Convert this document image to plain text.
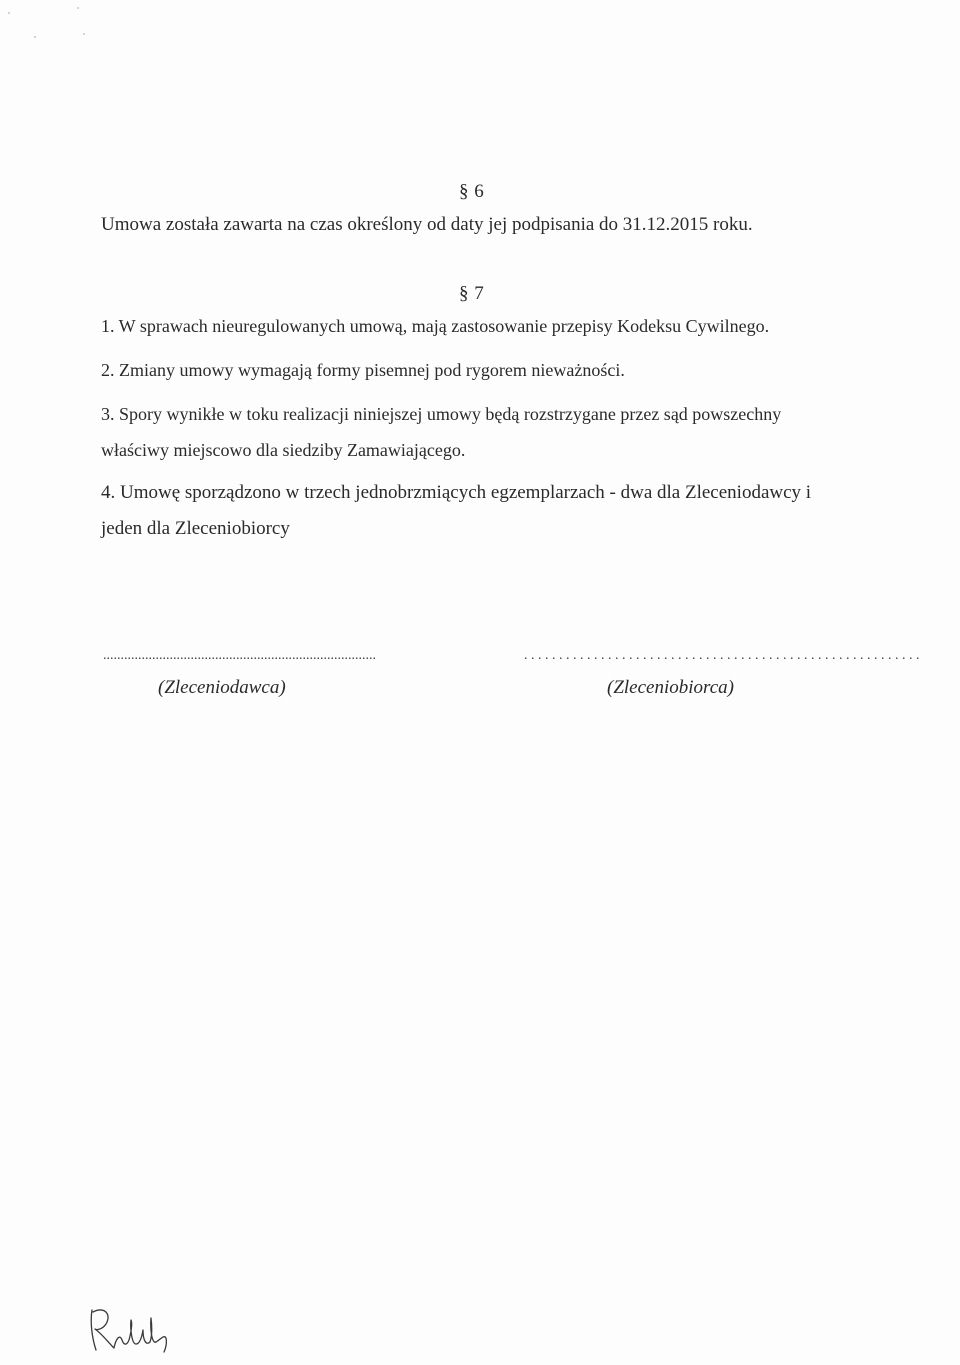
§ 6
Umowa została zawarta na czas określony od daty jej podpisania do 31.12.2015 roku.
§ 7
1. W sprawach nieuregulowanych umową, mają zastosowanie przepisy Kodeksu Cywilnego.
2. Zmiany umowy wymagają formy pisemnej pod rygorem nieważności.
3. Spory wynikłe w toku realizacji niniejszej umowy będą rozstrzygane przez sąd powszechny
właściwy miejscowo dla siedziby Zamawiającego.
4. Umowę sporządzono w trzech jednobrzmiących egzemplarzach - dwa dla Zleceniodawcy i
jeden dla Zleceniobiorcy
..............................................................................	. . . . . . . . . . . . . . . . . . . . . . . . . . . . . . . . . . . . . . . . . . . . . . . . . . . . . . . . .
(Zleceniodawca)	(Zleceniobiorca)
